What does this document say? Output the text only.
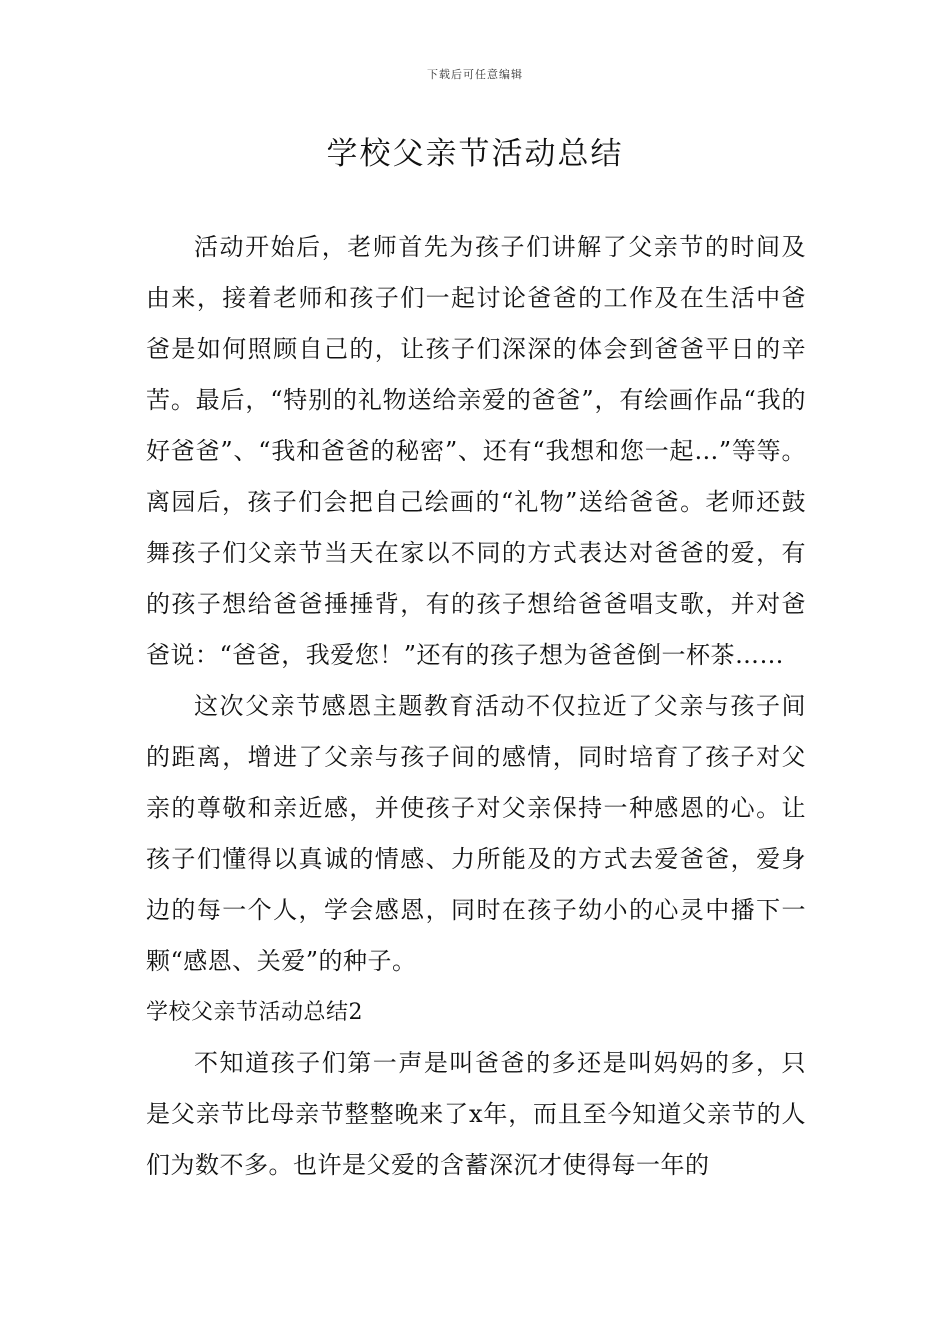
下载后可任意编辑
学校父亲节活动总结

活动开始后，老师首先为孩子们讲解了父亲节的时间及由来，接着老师和孩子们一起讨论爸爸的工作及在生活中爸爸是如何照顾自己的，让孩子们深深的体会到爸爸平日的辛苦。最后，“特别的礼物送给亲爱的爸爸”，有绘画作品“我的好爸爸”、“我和爸爸的秘密”、还有“我想和您一起…”等等。离园后，孩子们会把自己绘画的“礼物”送给爸爸。老师还鼓舞孩子们父亲节当天在家以不同的方式表达对爸爸的爱，有的孩子想给爸爸捶捶背，有的孩子想给爸爸唱支歌，并对爸爸说：“爸爸，我爱您！”还有的孩子想为爸爸倒一杯茶……

这次父亲节感恩主题教育活动不仅拉近了父亲与孩子间的距离，增进了父亲与孩子间的感情，同时培育了孩子对父亲的尊敬和亲近感，并使孩子对父亲保持一种感恩的心。让孩子们懂得以真诚的情感、力所能及的方式去爱爸爸，爱身边的每一个人，学会感恩，同时在孩子幼小的心灵中播下一颗“感恩、关爱”的种子。

学校父亲节活动总结2

不知道孩子们第一声是叫爸爸的多还是叫妈妈的多，只是父亲节比母亲节整整晚来了x年，而且至今知道父亲节的人们为数不多。也许是父爱的含蓄深沉才使得每一年的
